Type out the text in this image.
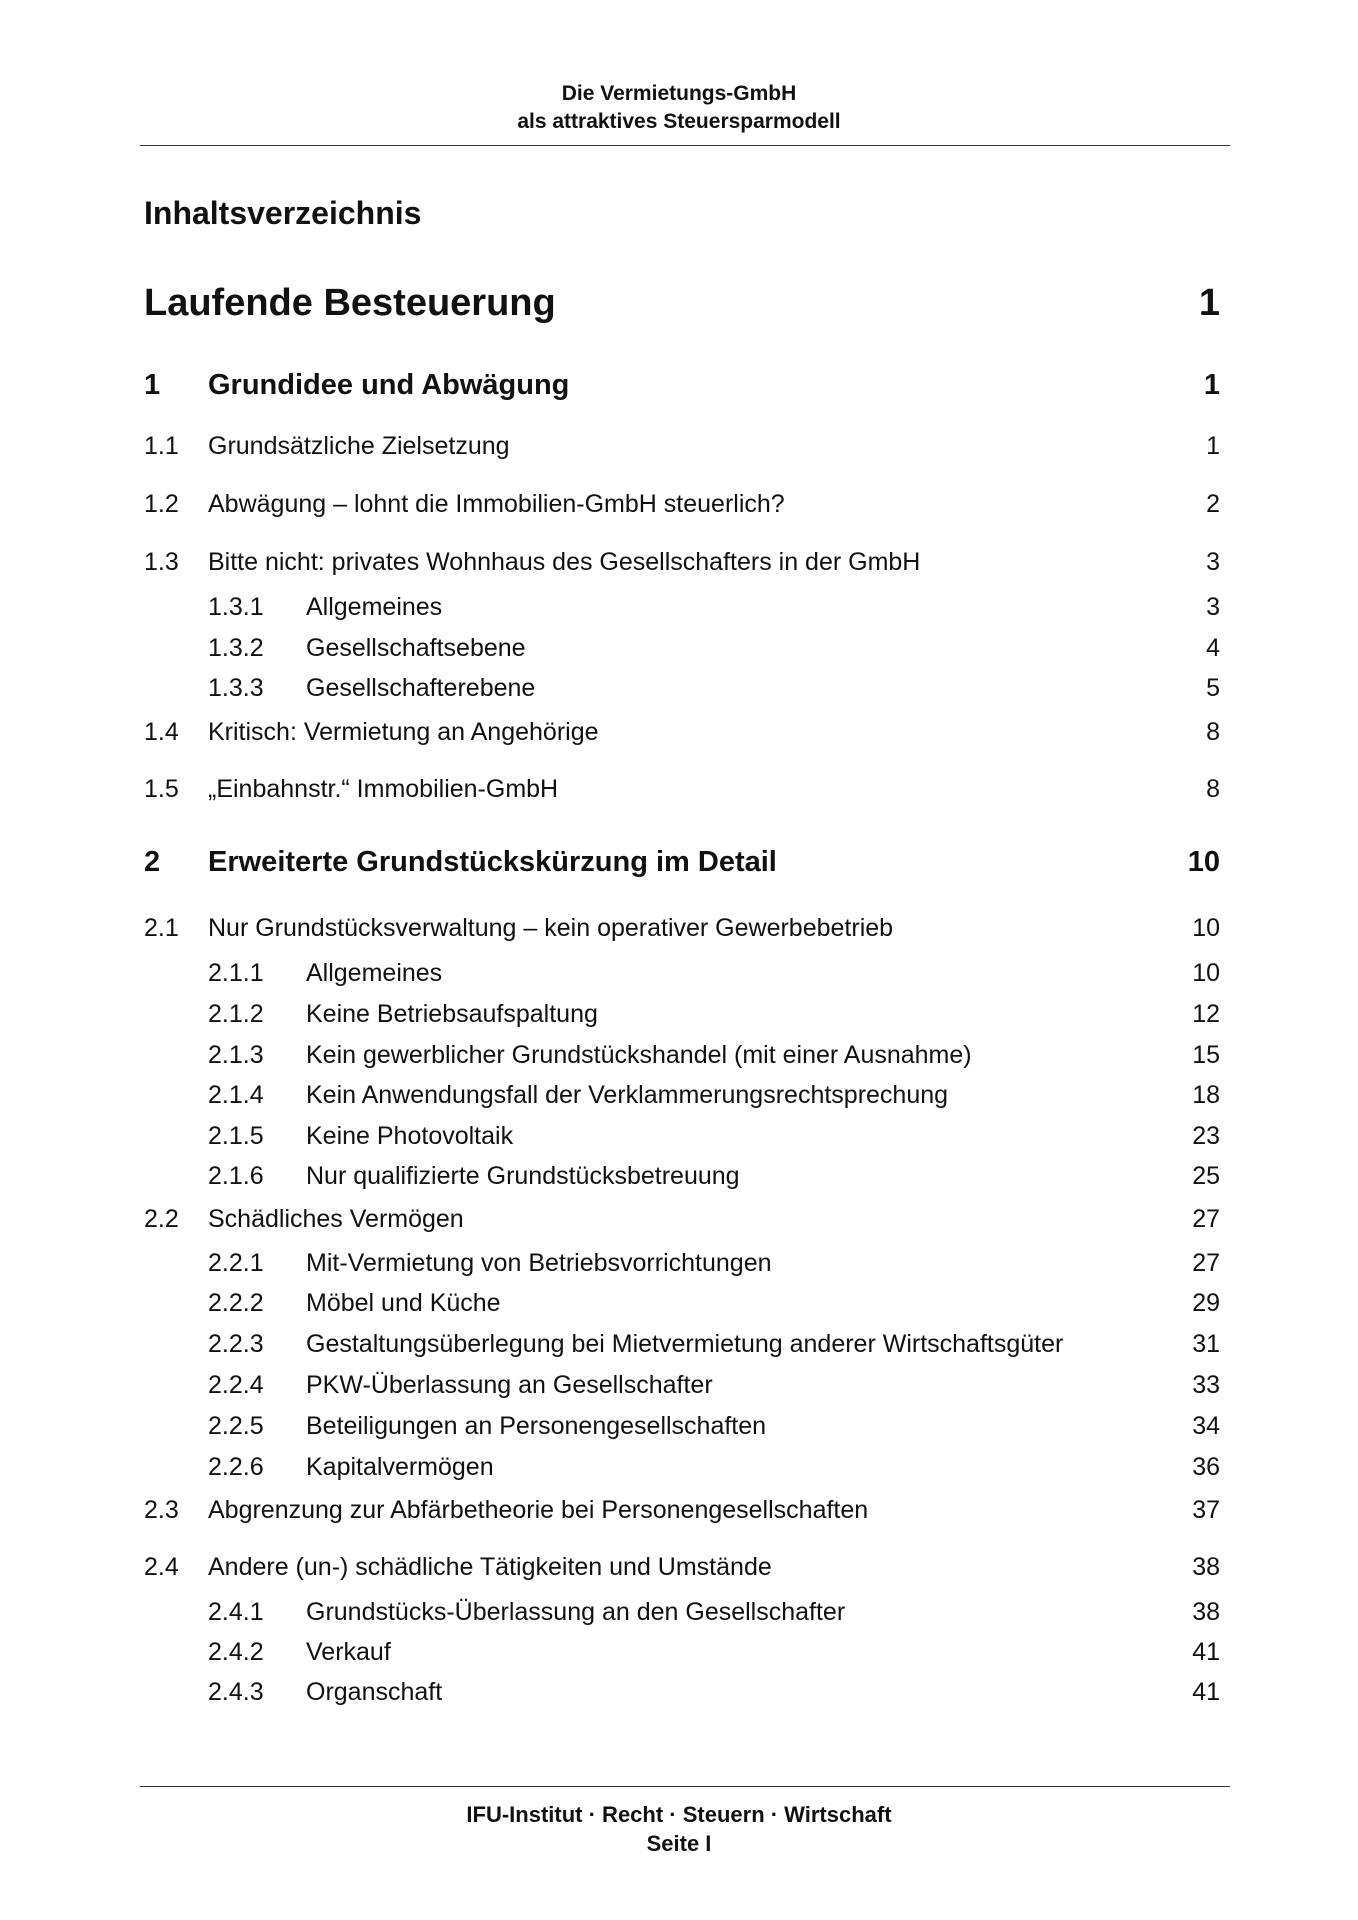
Die Vermietungs-GmbH
als attraktives Steuersparmodell
Inhaltsverzeichnis
Laufende Besteuerung	1
1 Grundidee und Abwägung	1
1.1 Grundsätzliche Zielsetzung	1
1.2 Abwägung – lohnt die Immobilien-GmbH steuerlich?	2
1.3 Bitte nicht: privates Wohnhaus des Gesellschafters in der GmbH	3
1.3.1 Allgemeines	3
1.3.2 Gesellschaftsebene	4
1.3.3 Gesellschafterebene	5
1.4 Kritisch: Vermietung an Angehörige	8
1.5 „Einbahnstr.“ Immobilien-GmbH	8
2 Erweiterte Grundstückskürzung im Detail	10
2.1 Nur Grundstücksverwaltung – kein operativer Gewerbebetrieb	10
2.1.1 Allgemeines	10
2.1.2 Keine Betriebsaufspaltung	12
2.1.3 Kein gewerblicher Grundstückshandel (mit einer Ausnahme)	15
2.1.4 Kein Anwendungsfall der Verklammerungsrechtsprechung	18
2.1.5 Keine Photovoltaik	23
2.1.6 Nur qualifizierte Grundstücksbetreuung	25
2.2 Schädliches Vermögen	27
2.2.1 Mit-Vermietung von Betriebsvorrichtungen	27
2.2.2 Möbel und Küche	29
2.2.3 Gestaltungsüberlegung bei Mietvermietung anderer Wirtschaftsgüter	31
2.2.4 PKW-Überlassung an Gesellschafter	33
2.2.5 Beteiligungen an Personengesellschaften	34
2.2.6 Kapitalvermögen	36
2.3 Abgrenzung zur Abfärbetheorie bei Personengesellschaften	37
2.4 Andere (un-) schädliche Tätigkeiten und Umstände	38
2.4.1 Grundstücks-Überlassung an den Gesellschafter	38
2.4.2 Verkauf	41
2.4.3 Organschaft	41
IFU-Institut · Recht · Steuern · Wirtschaft
Seite I
